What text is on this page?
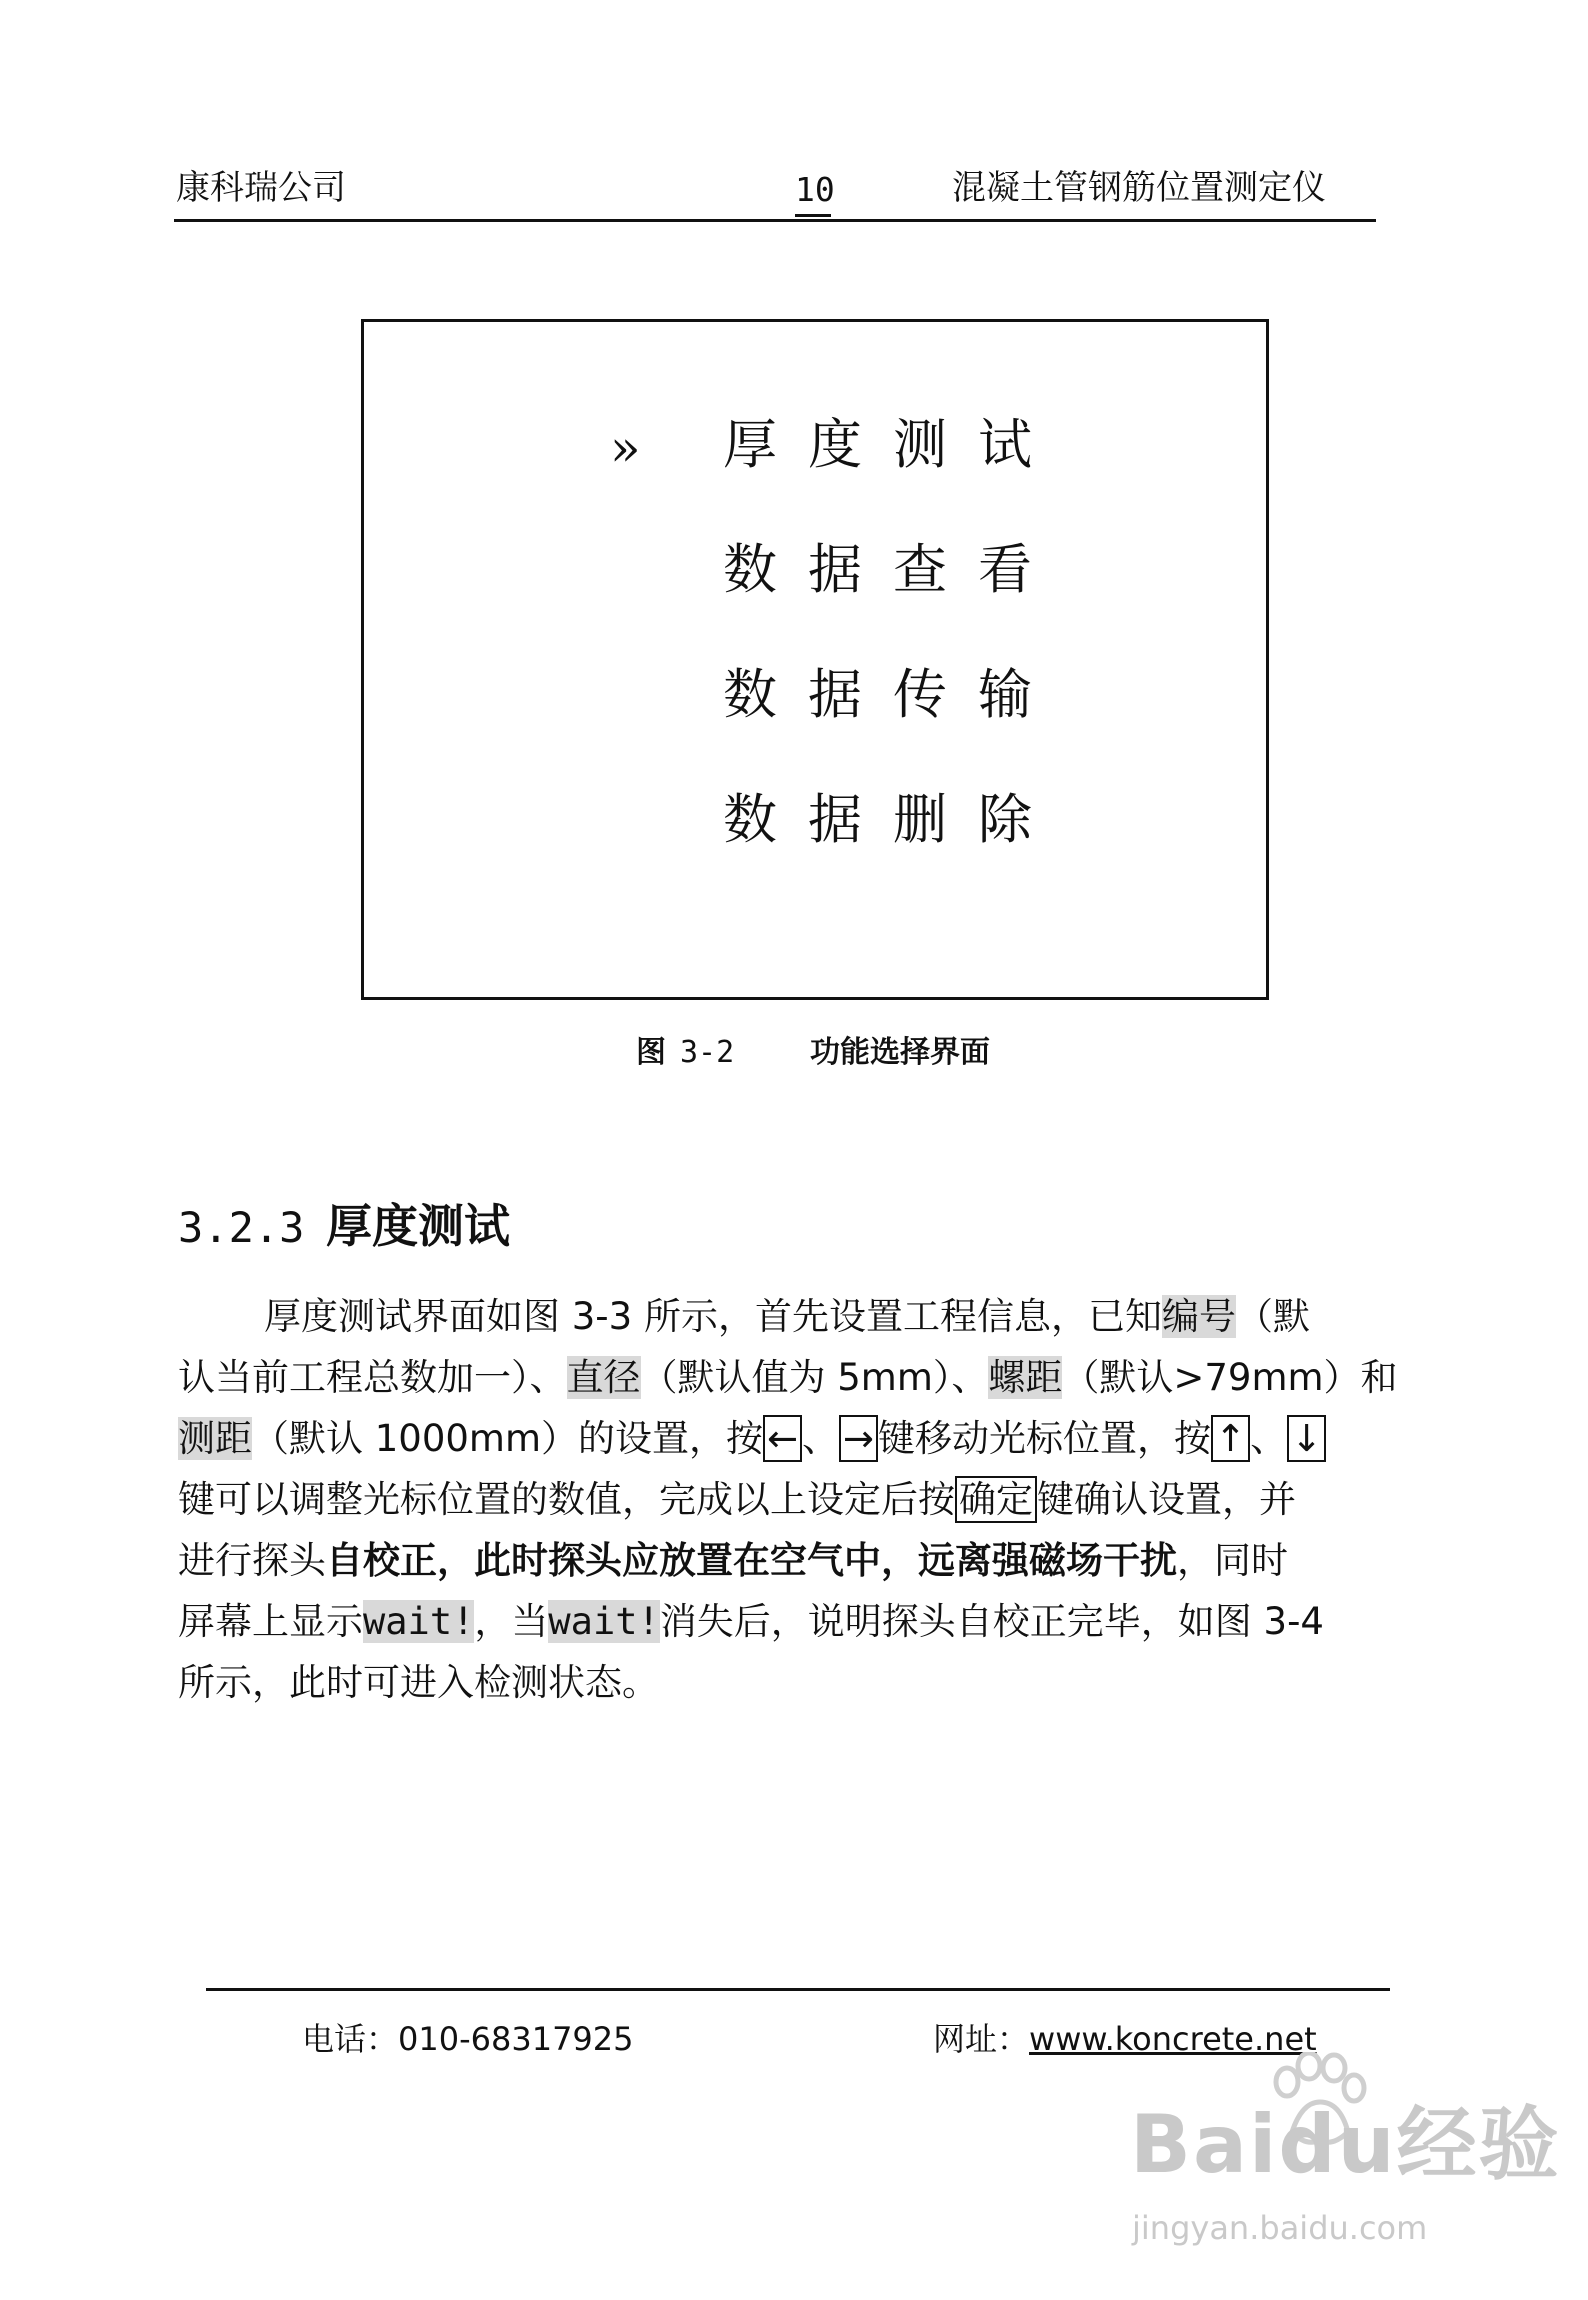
康科瑞公司	10	混凝土管钢筋位置测定仪
» 厚度测试
数据查看
数据传输
数据删除
图 3-2	功能选择界面
3.2.3 厚度测试
厚度测试界面如图 3-3 所示，首先设置工程信息，已知编号（默
认当前工程总数加一）、直径（默认值为 5mm）、螺距（默认>79mm）和
测距（默认 1000mm）的设置，按 ← 、 → 键移动光标位置，按 ↑ 、 ↓
键可以调整光标位置的数值，完成以上设定后按 确定 键确认设置，并
进行探头自校正，此时探头应放置在空气中，远离强磁场干扰，同时
屏幕上显示wait!，当wait!消失后，说明探头自校正完毕，如图 3-4
所示，此时可进入检测状态。
电话：010-68317925	网址：www.koncrete.net
Baidu经验
jingyan.baidu.com
